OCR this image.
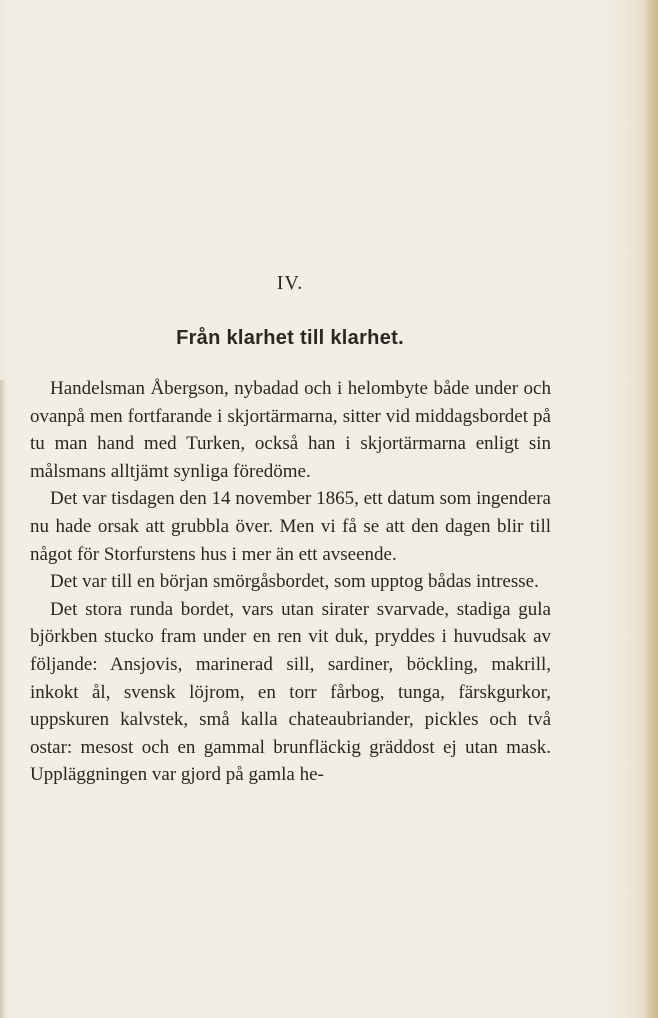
IV.
Från klarhet till klarhet.

Handelsman Åbergson, nybadad och i helombyte både under och ovanpå men fortfarande i skjortärmarna, sitter vid middagsbordet på tu man hand med Turken, också han i skjortärmarna enligt sin målsmans alltjämt synliga föredöme.

Det var tisdagen den 14 november 1865, ett datum som ingendera nu hade orsak att grubbla över. Men vi få se att den dagen blir till något för Storfurstens hus i mer än ett avseende.

Det var till en början smörgåsbordet, som upptog bådas intresse.

Det stora runda bordet, vars utan sirater svarvade, stadiga gula björkben stucko fram under en ren vit duk, pryddes i huvudsak av följande: Ansjovis, marinerad sill, sardiner, böckling, makrill, inkokt ål, svensk löjrom, en torr fårbog, tunga, färskgurkor, uppskuren kalvstek, små kalla chateaubriander, pickles och två ostar: mesost och en gammal brunfläckig gräddost ej utan mask. Uppläggningen var gjord på gamla he-
